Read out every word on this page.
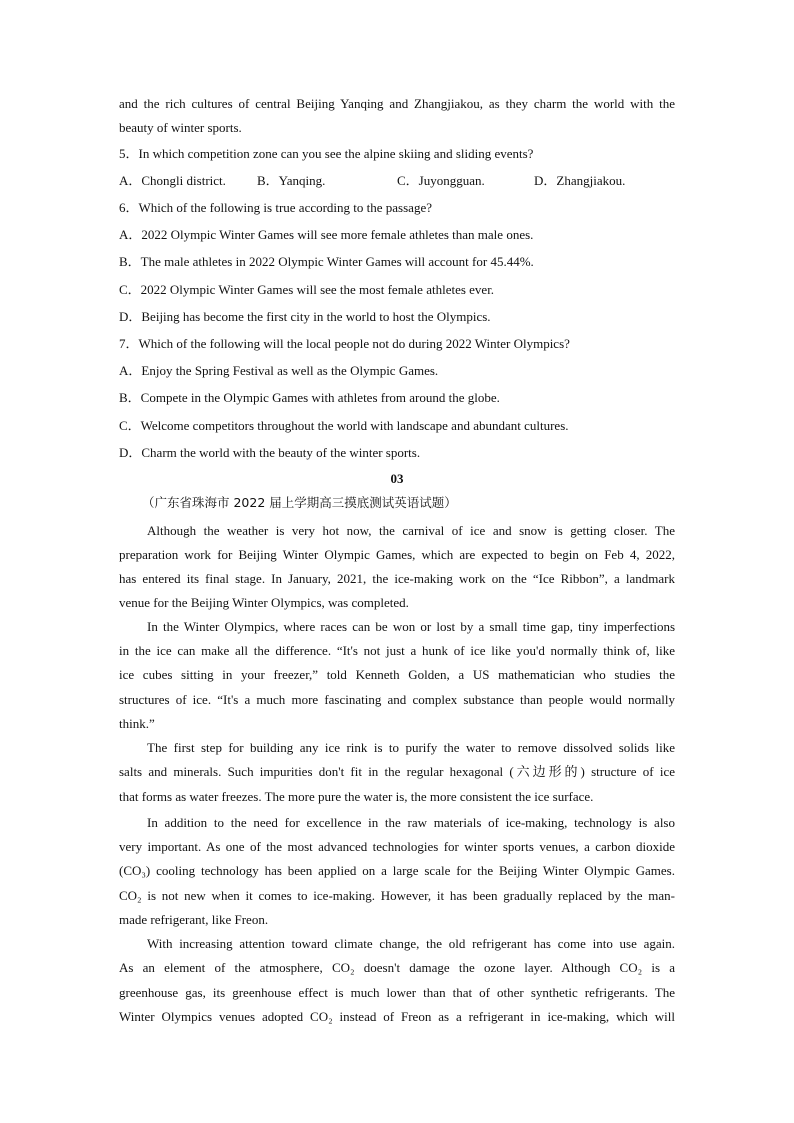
and the rich cultures of central Beijing Yanqing and Zhangjiakou, as they charm the world with the
beauty of winter sports.
5．In which competition zone can you see the alpine skiing and sliding events?
A．Chongli district. B．Yanqing.	C．Juyongguan.	D．Zhangjiakou.
6．Which of the following is true according to the passage?
A．2022 Olympic Winter Games will see more female athletes than male ones.
B．The male athletes in 2022 Olympic Winter Games will account for 45.44%.
C．2022 Olympic Winter Games will see the most female athletes ever.
D．Beijing has become the first city in the world to host the Olympics.
7．Which of the following will the local people not do during 2022 Winter Olympics?
A．Enjoy the Spring Festival as well as the Olympic Games.
B．Compete in the Olympic Games with athletes from around the globe.
C．Welcome competitors throughout the world with landscape and abundant cultures.
D．Charm the world with the beauty of the winter sports.
03
（广东省珠海市 2022 届上学期高三摸底测试英语试题）
Although the weather is very hot now, the carnival of ice and snow is getting closer. The
preparation work for Beijing Winter Olympic Games, which are expected to begin on Feb 4, 2022,
has entered its final stage. In January, 2021, the ice-making work on the “Ice Ribbon”, a landmark
venue for the Beijing Winter Olympics, was completed.
In the Winter Olympics, where races can be won or lost by a small time gap, tiny imperfections
in the ice can make all the difference. “It's not just a hunk of ice like you'd normally think of, like
ice cubes sitting in your freezer,” told Kenneth Golden, a US mathematician who studies the
structures of ice. “It's a much more fascinating and complex substance than people would normally
think.”
The first step for building any ice rink is to purify the water to remove dissolved solids like
salts and minerals. Such impurities don't fit in the regular hexagonal (六边形的) structure of ice
that forms as water freezes. The more pure the water is, the more consistent the ice surface.
In addition to the need for excellence in the raw materials of ice-making, technology is also
very important. As one of the most advanced technologies for winter sports venues, a carbon dioxide
(CO₃) cooling technology has been applied on a large scale for the Beijing Winter Olympic Games.
CO₂ is not new when it comes to ice-making. However, it has been gradually replaced by the man-
made refrigerant, like Freon.
With increasing attention toward climate change, the old refrigerant has come into use again.
As an element of the atmosphere, CO₂ doesn't damage the ozone layer. Although CO₂ is a
greenhouse gas, its greenhouse effect is much lower than that of other synthetic refrigerants. The
Winter Olympics venues adopted CO₂ instead of Freon as a refrigerant in ice-making, which will
